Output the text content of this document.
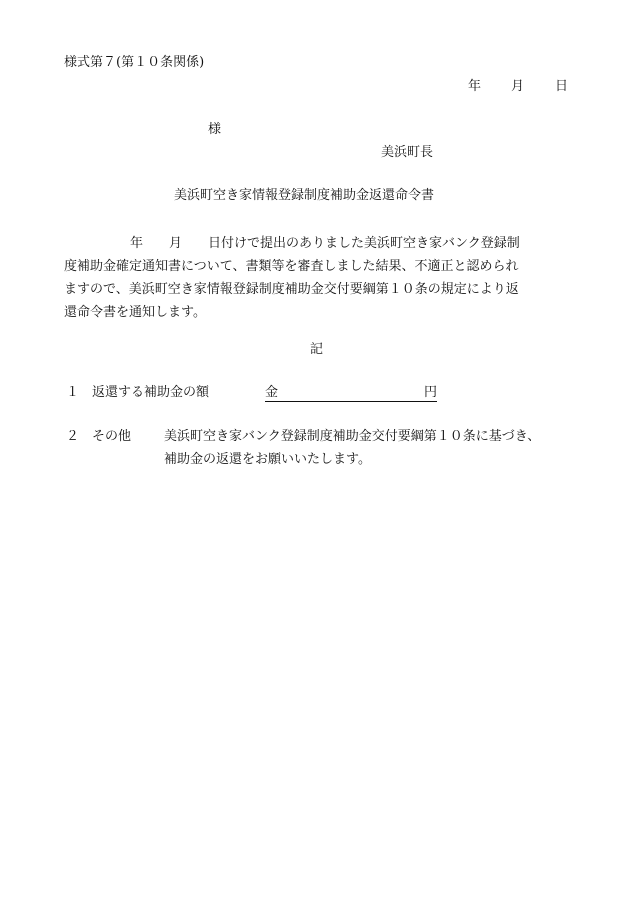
様式第７(第１０条関係)
年 月 日
様
美浜町長
美浜町空き家情報登録制度補助金返還命令書
年 月 日付けで提出のありました美浜町空き家バンク登録制
度補助金確定通知書について、書類等を審査しました結果、不適正と認められ
ますので、美浜町空き家情報登録制度補助金交付要綱第１０条の規定により返
還命令書を通知します。
記
１ 返還する補助金の額	金	円
２ その他	美浜町空き家バンク登録制度補助金交付要綱第１０条に基づき、
補助金の返還をお願いいたします。
